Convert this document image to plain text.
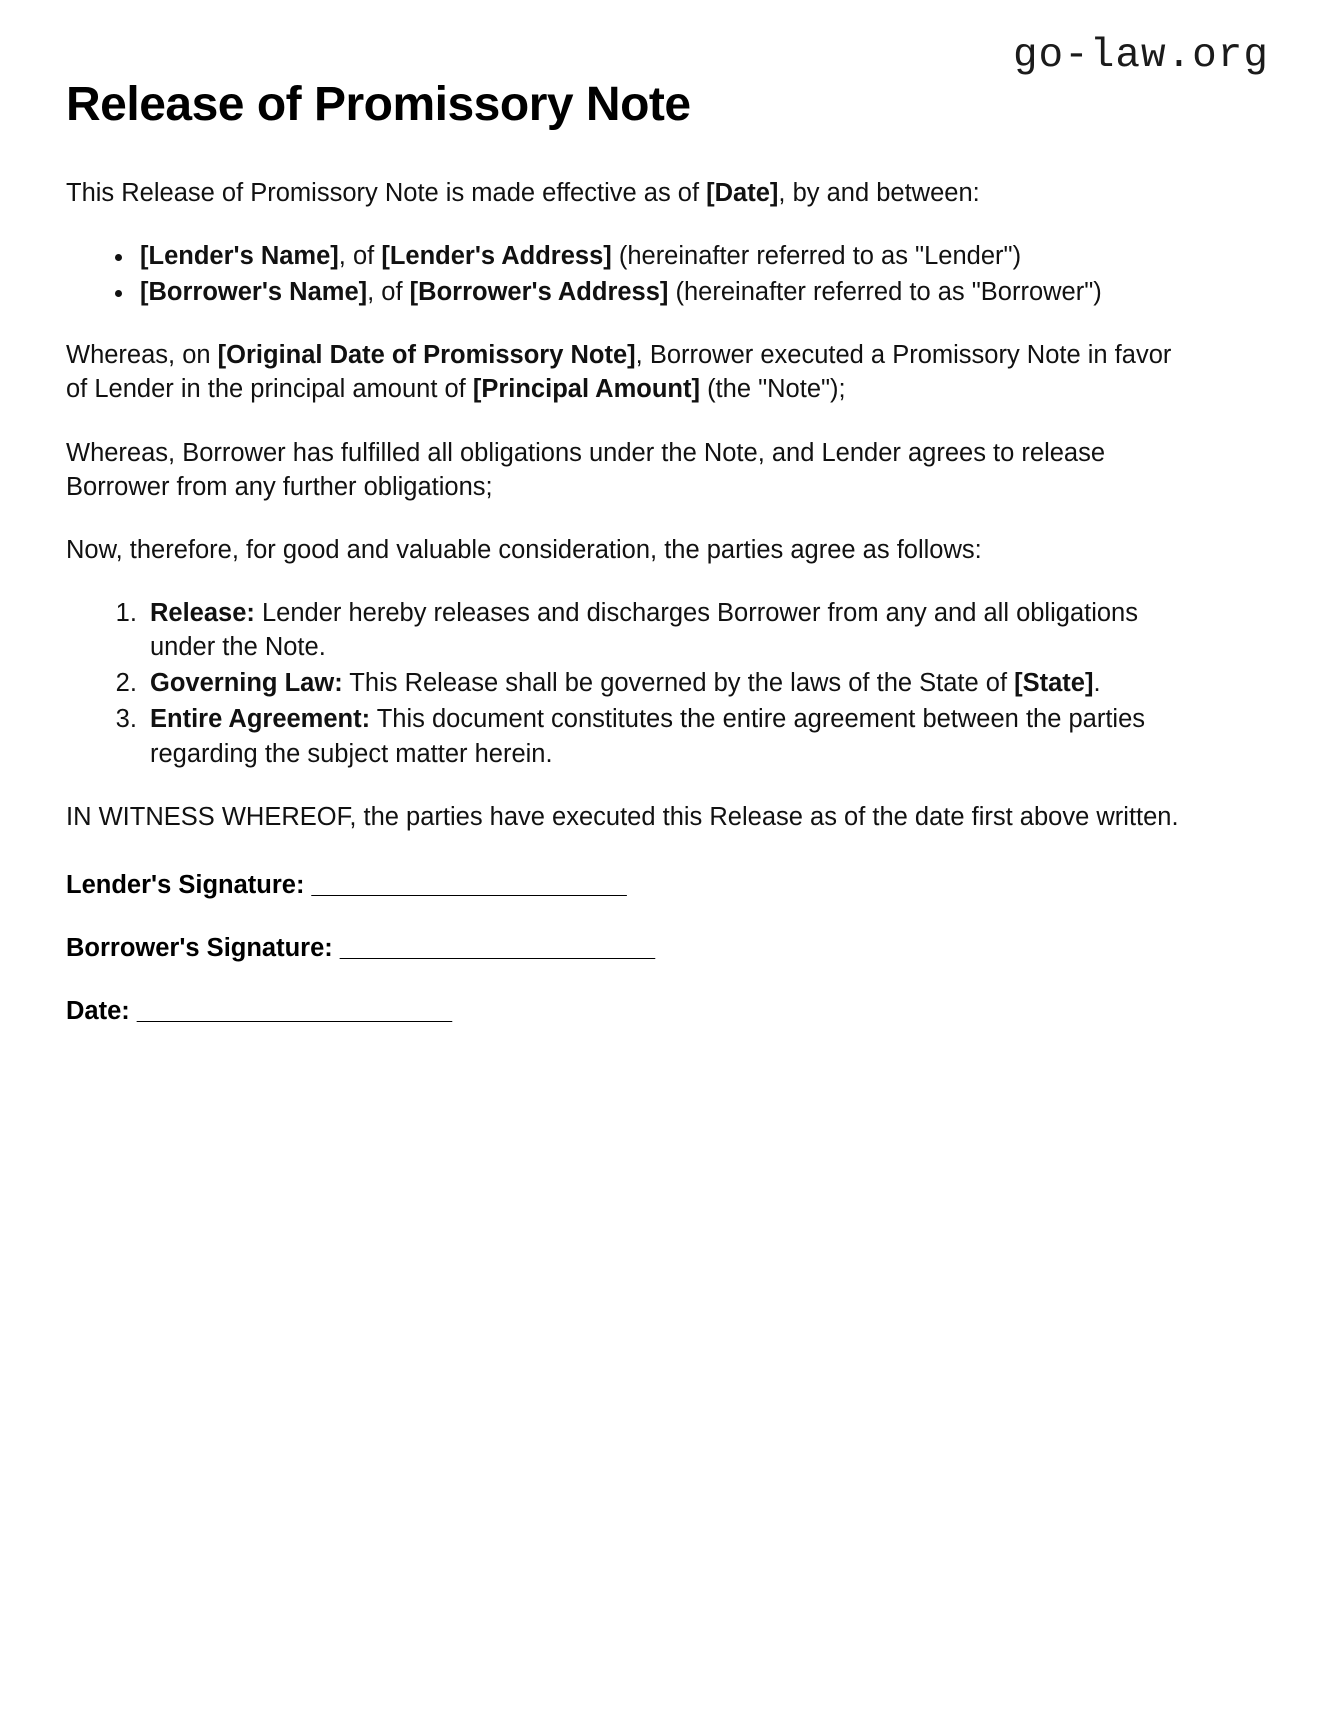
go-law.org
Release of Promissory Note

This Release of Promissory Note is made effective as of [Date], by and between:

• [Lender's Name], of [Lender's Address] (hereinafter referred to as "Lender")
• [Borrower's Name], of [Borrower's Address] (hereinafter referred to as "Borrower")

Whereas, on [Original Date of Promissory Note], Borrower executed a Promissory Note in favor of Lender in the principal amount of [Principal Amount] (the "Note");

Whereas, Borrower has fulfilled all obligations under the Note, and Lender agrees to release Borrower from any further obligations;

Now, therefore, for good and valuable consideration, the parties agree as follows:

1. Release: Lender hereby releases and discharges Borrower from any and all obligations under the Note.
2. Governing Law: This Release shall be governed by the laws of the State of [State].
3. Entire Agreement: This document constitutes the entire agreement between the parties regarding the subject matter herein.

IN WITNESS WHEREOF, the parties have executed this Release as of the date first above written.

Lender's Signature: _______________________

Borrower's Signature: _______________________

Date: _______________________
